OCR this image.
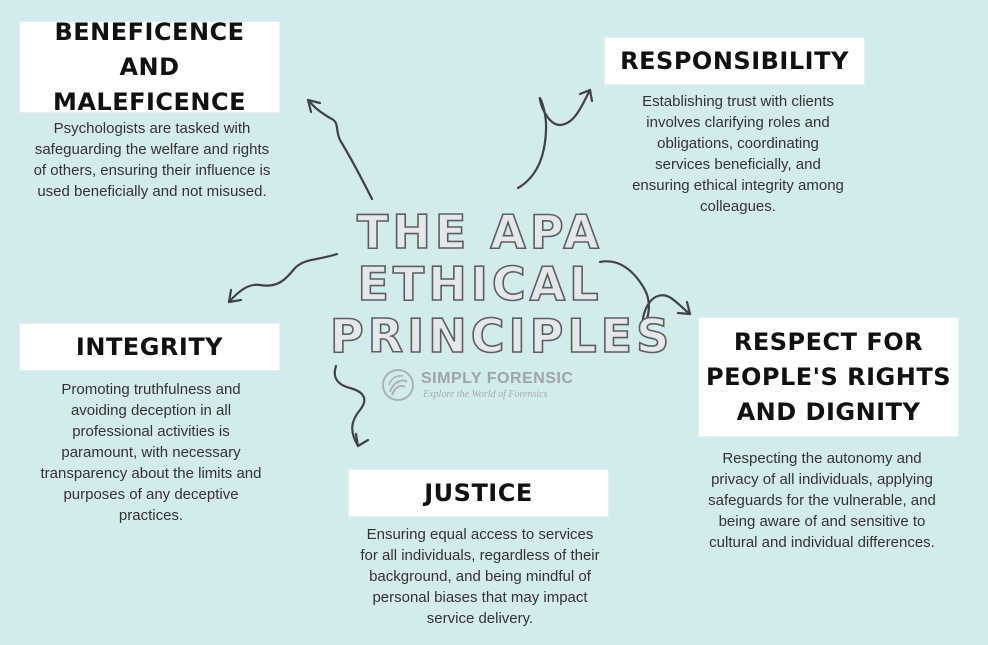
BENEFICENCE AND
MALEFICENCE

Psychologists are tasked with safeguarding the welfare and rights of others, ensuring their influence is used beneficially and not misused.

RESPONSIBILITY

Establishing trust with clients involves clarifying roles and obligations, coordinating services beneficially, and ensuring ethical integrity among colleagues.

INTEGRITY

Promoting truthfulness and avoiding deception in all professional activities is paramount, with necessary transparency about the limits and purposes of any deceptive practices.

JUSTICE

Ensuring equal access to services for all individuals, regardless of their background, and being mindful of personal biases that may impact service delivery.

RESPECT FOR
PEOPLE'S RIGHTS
AND DIGNITY

Respecting the autonomy and privacy of all individuals, applying safeguards for the vulnerable, and being aware of and sensitive to cultural and individual differences.

THE APA
ETHICAL
PRINCIPLES
SIMPLY FORENSIC
Explore the World of Forensics
